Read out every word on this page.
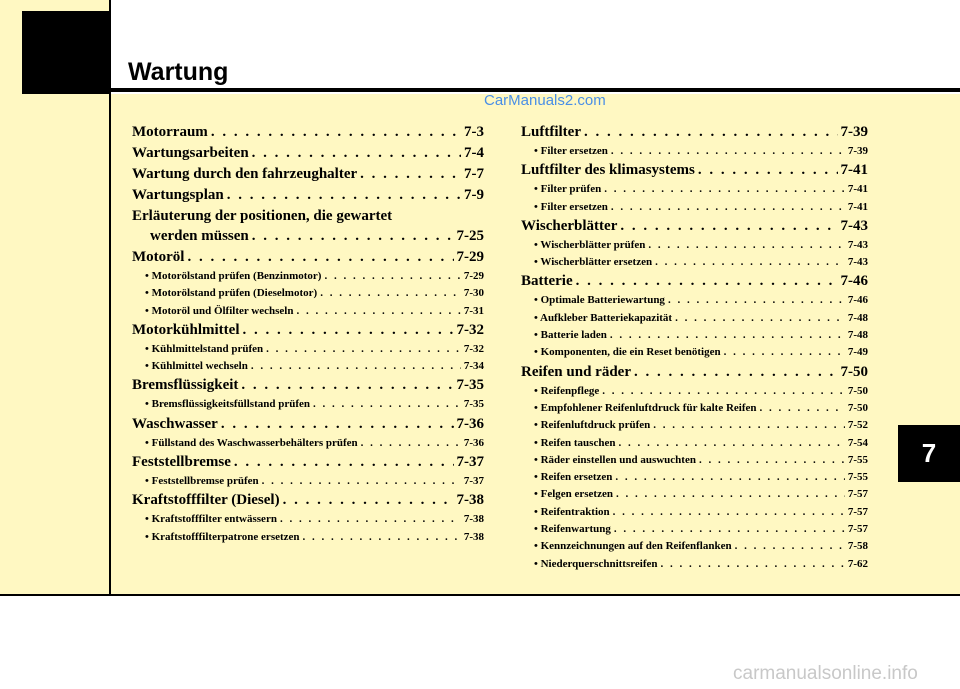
Wartung
CarManuals2.com
carmanualsonline.info
7
Motorraum . . .	7-3
Wartungsarbeiten . . .	7-4
Wartung durch den fahrzeughalter . . .	7-7
Wartungsplan . . .	7-9
Erläuterung der positionen, die gewartet
werden müssen . . .	7-25
Motoröl . . .	7-29
• Motorölstand prüfen (Benzinmotor) . . .	7-29
• Motorölstand prüfen (Dieselmotor) . . .	7-30
• Motoröl und Ölfilter wechseln . . .	7-31
Motorkühlmittel . . .	7-32
• Kühlmittelstand prüfen . . .	7-32
• Kühlmittel wechseln . . .	7-34
Bremsflüssigkeit . . .	7-35
• Bremsflüssigkeitsfüllstand prüfen . . .	7-35
Waschwasser . . .	7-36
• Füllstand des Waschwasserbehälters prüfen . . .	7-36
Feststellbremse . . .	7-37
• Feststellbremse prüfen . . .	7-37
Kraftstofffilter (Diesel) . . .	7-38
• Kraftstofffilter entwässern . . .	7-38
• Kraftstofffilterpatrone ersetzen . . .	7-38
Luftfilter . . .	7-39
• Filter ersetzen . . .	7-39
Luftfilter des klimasystems . . .	7-41
• Filter prüfen . . .	7-41
• Filter ersetzen . . .	7-41
Wischerblätter . . .	7-43
• Wischerblätter prüfen . . .	7-43
• Wischerblätter ersetzen . . .	7-43
Batterie . . .	7-46
• Optimale Batteriewartung . . .	7-46
• Aufkleber Batteriekapazität . . .	7-48
• Batterie laden . . .	7-48
• Komponenten, die ein Reset benötigen . . .	7-49
Reifen und räder . . .	7-50
• Reifenpflege . . .	7-50
• Empfohlener Reifenluftdruck für kalte Reifen . . .	7-50
• Reifenluftdruck prüfen . . .	7-52
• Reifen tauschen . . .	7-54
• Räder einstellen und auswuchten . . .	7-55
• Reifen ersetzen . . .	7-55
• Felgen ersetzen . . .	7-57
• Reifentraktion . . .	7-57
• Reifenwartung . . .	7-57
• Kennzeichnungen auf den Reifenflanken . . .	7-58
• Niederquerschnittsreifen . . .	7-62
